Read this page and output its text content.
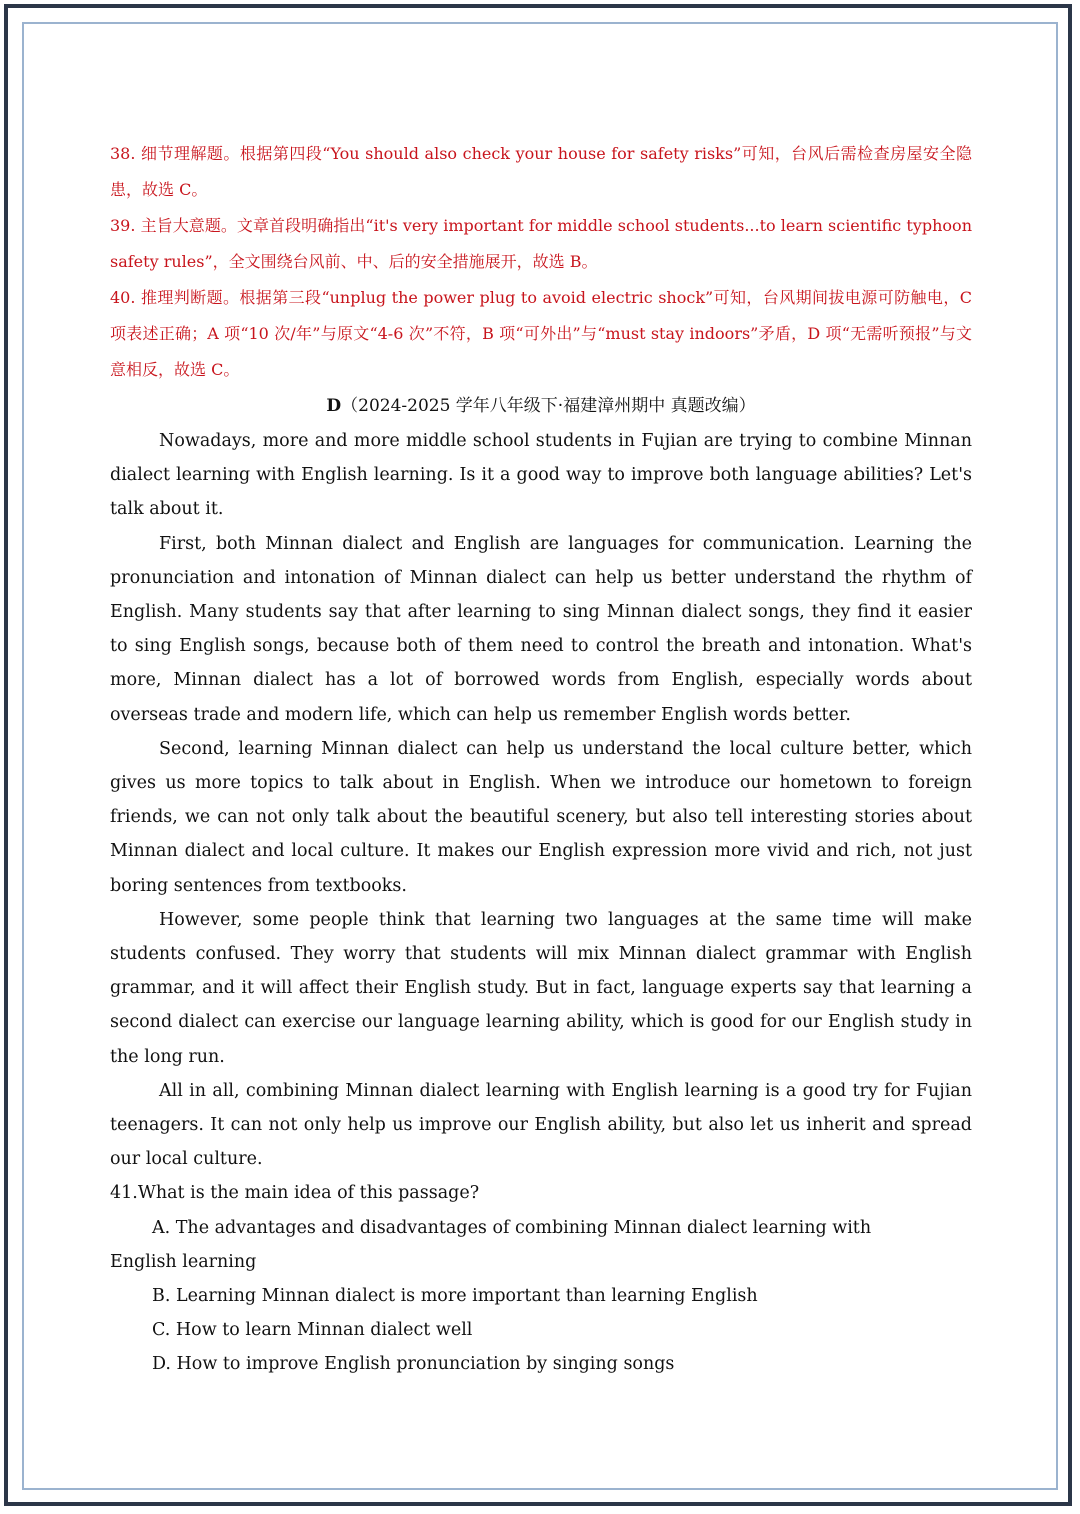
38. 细节理解题。根据第四段“You should also check your house for safety risks”可知，台风后需检查房屋安全隐患，故选 C。

39. 主旨大意题。文章首段明确指出“it's very important for middle school students...to learn scientific typhoon safety rules”，全文围绕台风前、中、后的安全措施展开，故选 B。

40. 推理判断题。根据第三段“unplug the power plug to avoid electric shock”可知，台风期间拔电源可防触电，C 项表述正确；A 项“10 次/年”与原文“4-6 次”不符，B 项“可外出”与“must stay indoors”矛盾，D 项“无需听预报”与文意相反，故选 C。

D（2024-2025 学年八年级下·福建漳州期中 真题改编）

Nowadays, more and more middle school students in Fujian are trying to combine Minnan dialect learning with English learning. Is it a good way to improve both language abilities? Let's talk about it.

First, both Minnan dialect and English are languages for communication. Learning the pronunciation and intonation of Minnan dialect can help us better understand the rhythm of English. Many students say that after learning to sing Minnan dialect songs, they find it easier to sing English songs, because both of them need to control the breath and intonation. What's more, Minnan dialect has a lot of borrowed words from English, especially words about overseas trade and modern life, which can help us remember English words better.

Second, learning Minnan dialect can help us understand the local culture better, which gives us more topics to talk about in English. When we introduce our hometown to foreign friends, we can not only talk about the beautiful scenery, but also tell interesting stories about Minnan dialect and local culture. It makes our English expression more vivid and rich, not just boring sentences from textbooks.

However, some people think that learning two languages at the same time will make students confused. They worry that students will mix Minnan dialect grammar with English grammar, and it will affect their English study. But in fact, language experts say that learning a second dialect can exercise our language learning ability, which is good for our English study in the long run.

All in all, combining Minnan dialect learning with English learning is a good try for Fujian teenagers. It can not only help us improve our English ability, but also let us inherit and spread our local culture.

41.What is the main idea of this passage?

A. The advantages and disadvantages of combining Minnan dialect learning with

English learning

B. Learning Minnan dialect is more important than learning English

C. How to learn Minnan dialect well

D. How to improve English pronunciation by singing songs
